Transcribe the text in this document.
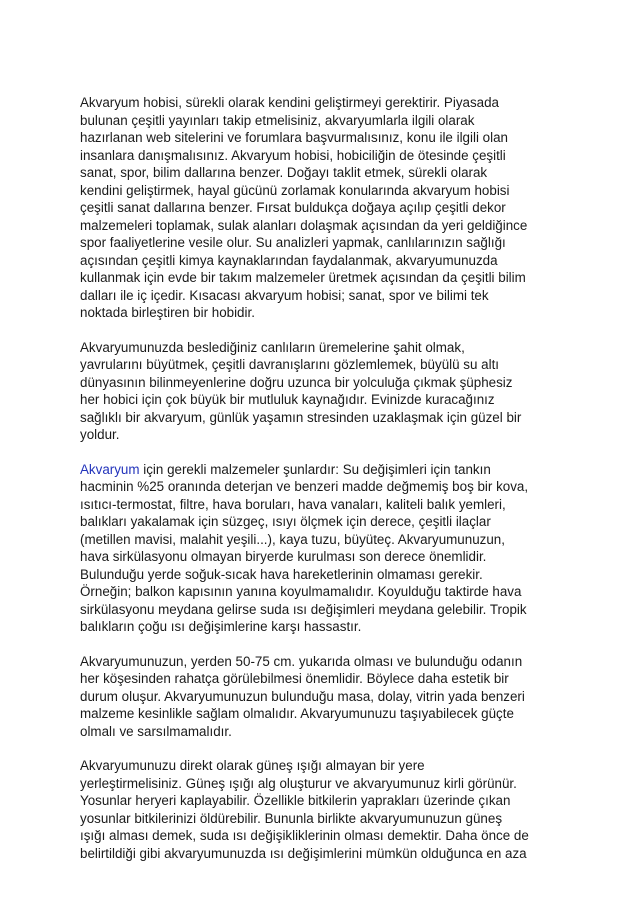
Akvaryum hobisi, sürekli olarak kendini geliştirmeyi gerektirir. Piyasada
bulunan çeşitli yayınları takip etmelisiniz, akvaryumlarla ilgili olarak
hazırlanan web sitelerini ve forumlara başvurmalısınız, konu ile ilgili olan
insanlara danışmalısınız. Akvaryum hobisi, hobiciliğin de ötesinde çeşitli
sanat, spor, bilim dallarına benzer. Doğayı taklit etmek, sürekli olarak
kendini geliştirmek, hayal gücünü zorlamak konularında akvaryum hobisi
çeşitli sanat dallarına benzer. Fırsat buldukça doğaya açılıp çeşitli dekor
malzemeleri toplamak, sulak alanları dolaşmak açısından da yeri geldiğince
spor faaliyetlerine vesile olur. Su analizleri yapmak, canlılarınızın sağlığı
açısından çeşitli kimya kaynaklarından faydalanmak, akvaryumunuzda
kullanmak için evde bir takım malzemeler üretmek açısından da çeşitli bilim
dalları ile iç içedir. Kısacası akvaryum hobisi; sanat, spor ve bilimi tek
noktada birleştiren bir hobidir.

Akvaryumunuzda beslediğiniz canlıların üremelerine şahit olmak,
yavrularını büyütmek, çeşitli davranışlarını gözlemlemek, büyülü su altı
dünyasının bilinmeyenlerine doğru uzunca bir yolculuğa çıkmak şüphesiz
her hobici için çok büyük bir mutluluk kaynağıdır. Evinizde kuracağınız
sağlıklı bir akvaryum, günlük yaşamın stresinden uzaklaşmak için güzel bir
yoldur.

Akvaryum için gerekli malzemeler şunlardır: Su değişimleri için tankın
hacminin %25 oranında deterjan ve benzeri madde değmemiş boş bir kova,
ısıtıcı-termostat, filtre, hava boruları, hava vanaları, kaliteli balık yemleri,
balıkları yakalamak için süzgeç, ısıyı ölçmek için derece, çeşitli ilaçlar
(metillen mavisi, malahit yeşili...), kaya tuzu, büyüteç. Akvaryumunuzun,
hava sirkülasyonu olmayan biryerde kurulması son derece önemlidir.
Bulunduğu yerde soğuk-sıcak hava hareketlerinin olmaması gerekir.
Örneğin; balkon kapısının yanına koyulmamalıdır. Koyulduğu taktirde hava
sirkülasyonu meydana gelirse suda ısı değişimleri meydana gelebilir. Tropik
balıkların çoğu ısı değişimlerine karşı hassastır.

Akvaryumunuzun, yerden 50-75 cm. yukarıda olması ve bulunduğu odanın
her köşesinden rahatça görülebilmesi önemlidir. Böylece daha estetik bir
durum oluşur. Akvaryumunuzun bulunduğu masa, dolay, vitrin yada benzeri
malzeme kesinlikle sağlam olmalıdır. Akvaryumunuzu taşıyabilecek güçte
olmalı ve sarsılmamalıdır.

Akvaryumunuzu direkt olarak güneş ışığı almayan bir yere
yerleştirmelisiniz. Güneş ışığı alg oluşturur ve akvaryumunuz kirli görünür.
Yosunlar heryeri kaplayabilir. Özellikle bitkilerin yaprakları üzerinde çıkan
yosunlar bitkilerinizi öldürebilir. Bununla birlikte akvaryumunuzun güneş
ışığı alması demek, suda ısı değişikliklerinin olması demektir. Daha önce de
belirtildiği gibi akvaryumunuzda ısı değişimlerini mümkün olduğunca en aza
